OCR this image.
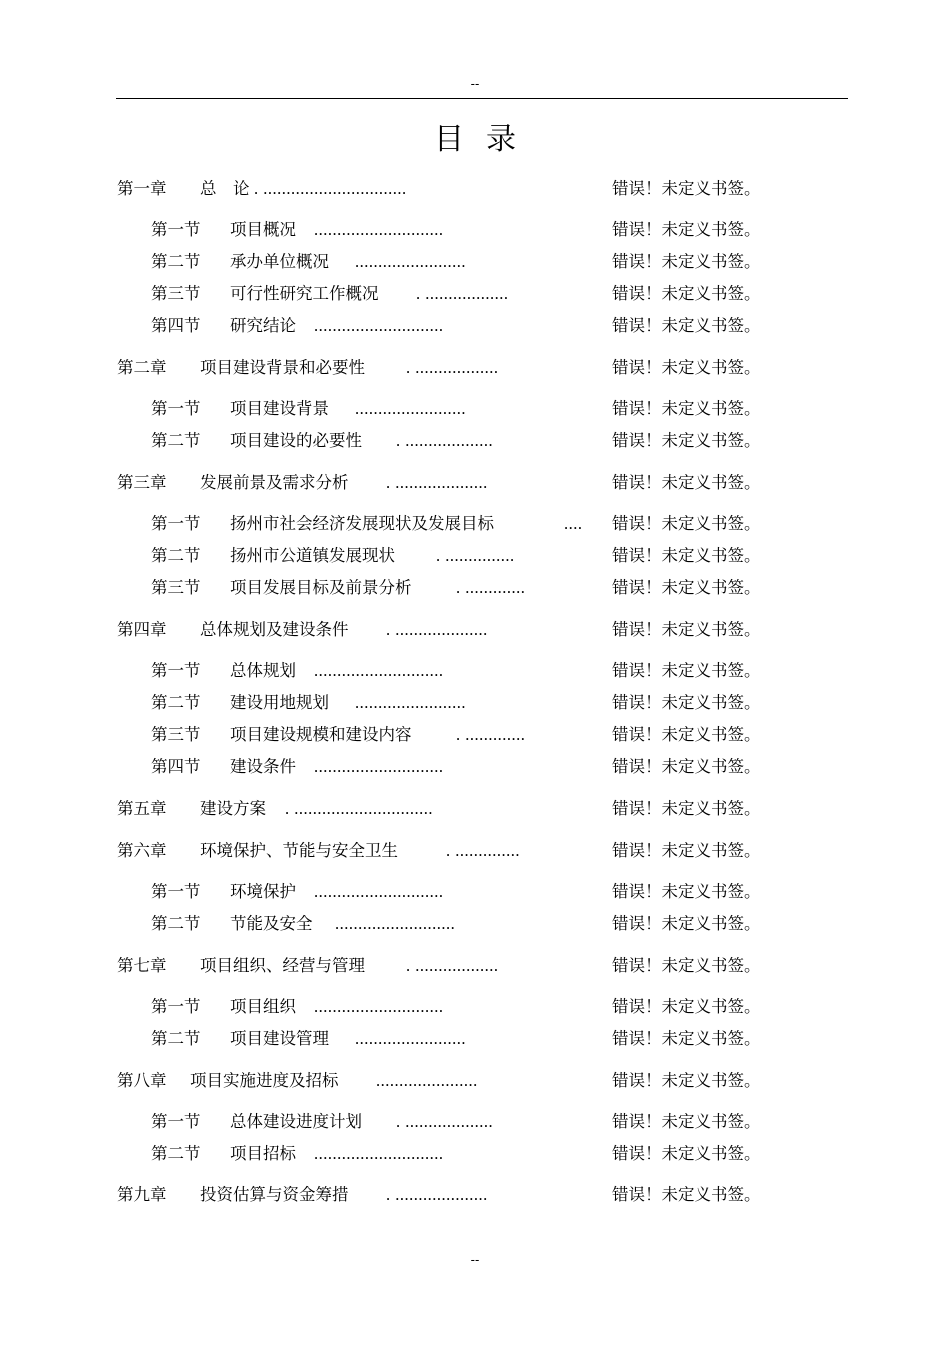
--
目录
第一章 总　论 . ...............................	错误！未定义书签。
第一节 项目概况 ............................	错误！未定义书签。
第二节 承办单位概况 ........................	错误！未定义书签。
第三节 可行性研究工作概况 . ..................	错误！未定义书签。
第四节 研究结论 ............................	错误！未定义书签。
第二章 项目建设背景和必要性 . ..................	错误！未定义书签。
第一节 项目建设背景 ........................	错误！未定义书签。
第二节 项目建设的必要性 . ...................	错误！未定义书签。
第三章 发展前景及需求分析 . ....................	错误！未定义书签。
第一节 扬州市社会经济发展现状及发展目标	.... 错误！未定义书签。
第二节 扬州市公道镇发展现状 . ...............	错误！未定义书签。
第三节 项目发展目标及前景分析	. .............	错误！未定义书签。
第四章 总体规划及建设条件 . ....................	错误！未定义书签。
第一节 总体规划 ............................	错误！未定义书签。
第二节 建设用地规划 ........................	错误！未定义书签。
第三节 项目建设规模和建设内容	. .............	错误！未定义书签。
第四节 建设条件 ............................	错误！未定义书签。
第五章 建设方案 . ..............................	错误！未定义书签。
第六章 环境保护、节能与安全卫生	. ..............	错误！未定义书签。
第一节 环境保护 ............................	错误！未定义书签。
第二节 节能及安全 ..........................	错误！未定义书签。
第七章 项目组织、经营与管理 . ..................	错误！未定义书签。
第一节 项目组织 ............................	错误！未定义书签。
第二节 项目建设管理 ........................	错误！未定义书签。
第八章 项目实施进度及招标 ......................	错误！未定义书签。
第一节 总体建设进度计划 . ...................	错误！未定义书签。
第二节 项目招标 ............................	错误！未定义书签。
第九章 投资估算与资金筹措 . ....................	错误！未定义书签。
--
